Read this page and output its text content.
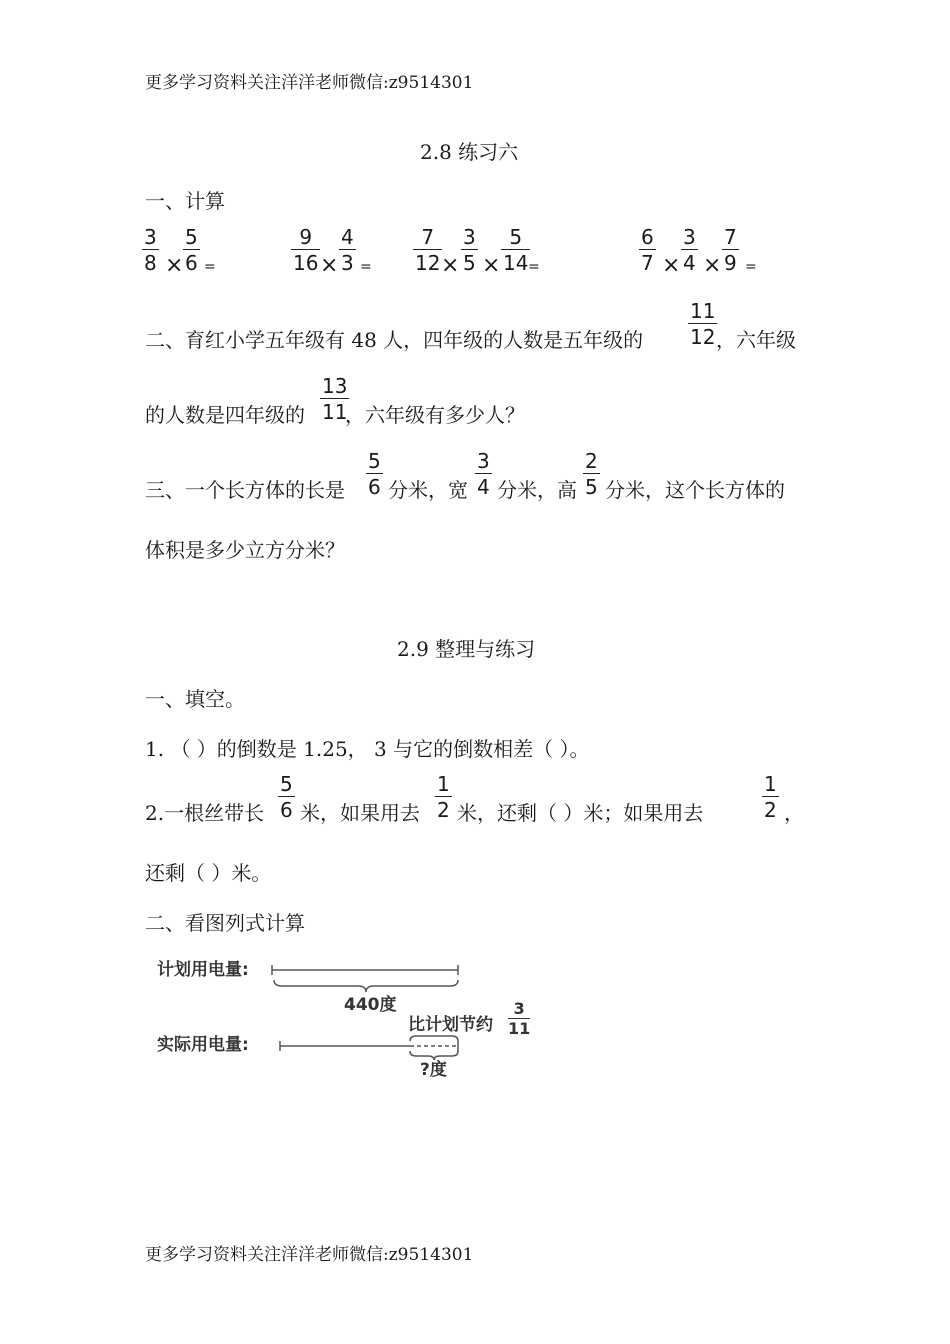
更多学习资料关注洋洋老师微信:z9514301
2.8 练习六
一、计算
3
8 ×
5
6 =
9
16 ×
4
3 =
7
12 ×
3
5 ×
5
14 =
6
7 ×
3
4 ×
7
9 =
二、育红小学五年级有 48 人，四年级的人数是五年级的
11
12 ，六年级
的人数是四年级的
13
11
，六年级有多少人？
三、一个长方体的长是
5
6 分米，宽
3
4 分米，高
2
5 分米，这个长方体的
体积是多少立方分米？
2.9 整理与练习
一、填空。
1. （ ）的倒数是 1.25， 3 与它的倒数相差（ ）。
2.一根丝带长
5
6 米，如果用去
1
2 米，还剩（ ）米；如果用去
1
2 ，
还剩（ ）米。
二、看图列式计算
计划用电量:
440度
比计划节约
3
11
实际用电量:
?度
更多学习资料关注洋洋老师微信:z9514301
